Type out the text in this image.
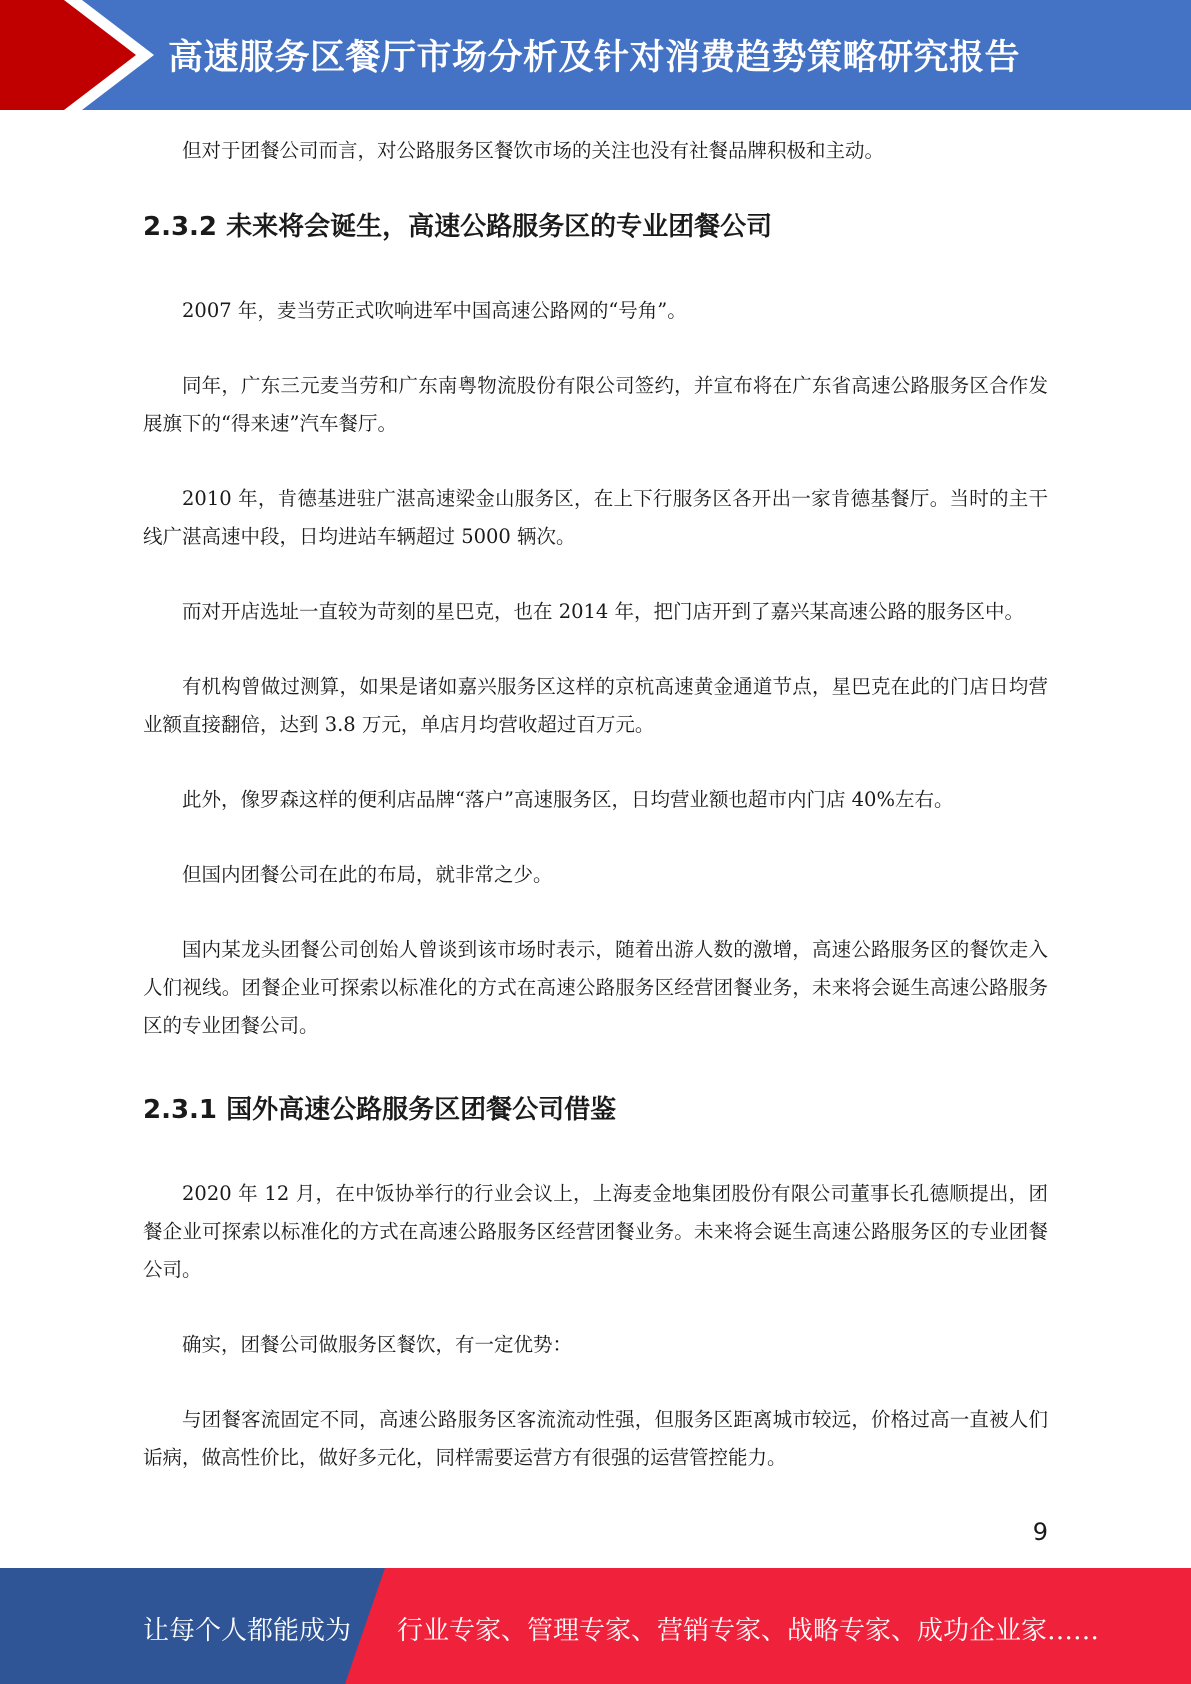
高速服务区餐厅市场分析及针对消费趋势策略研究报告

但对于团餐公司而言，对公路服务区餐饮市场的关注也没有社餐品牌积极和主动。

2.3.2 未来将会诞生，高速公路服务区的专业团餐公司

2007 年，麦当劳正式吹响进军中国高速公路网的“号角”。

同年，广东三元麦当劳和广东南粤物流股份有限公司签约，并宣布将在广东省高速公路服务区合作发展旗下的“得来速”汽车餐厅。

2010 年，肯德基进驻广湛高速梁金山服务区，在上下行服务区各开出一家肯德基餐厅。当时的主干线广湛高速中段，日均进站车辆超过 5000 辆次。

而对开店选址一直较为苛刻的星巴克，也在 2014 年，把门店开到了嘉兴某高速公路的服务区中。

有机构曾做过测算，如果是诸如嘉兴服务区这样的京杭高速黄金通道节点，星巴克在此的门店日均营业额直接翻倍，达到 3.8 万元，单店月均营收超过百万元。

此外，像罗森这样的便利店品牌“落户”高速服务区，日均营业额也超市内门店 40%左右。

但国内团餐公司在此的布局，就非常之少。

国内某龙头团餐公司创始人曾谈到该市场时表示，随着出游人数的激增，高速公路服务区的餐饮走入人们视线。团餐企业可探索以标准化的方式在高速公路服务区经营团餐业务，未来将会诞生高速公路服务区的专业团餐公司。

2.3.1 国外高速公路服务区团餐公司借鉴

2020 年 12 月，在中饭协举行的行业会议上，上海麦金地集团股份有限公司董事长孔德顺提出，团餐企业可探索以标准化的方式在高速公路服务区经营团餐业务。未来将会诞生高速公路服务区的专业团餐公司。

确实，团餐公司做服务区餐饮，有一定优势：

与团餐客流固定不同，高速公路服务区客流流动性强，但服务区距离城市较远，价格过高一直被人们诟病，做高性价比，做好多元化，同样需要运营方有很强的运营管控能力。

9
让每个人都能成为 行业专家、管理专家、营销专家、战略专家、成功企业家……
